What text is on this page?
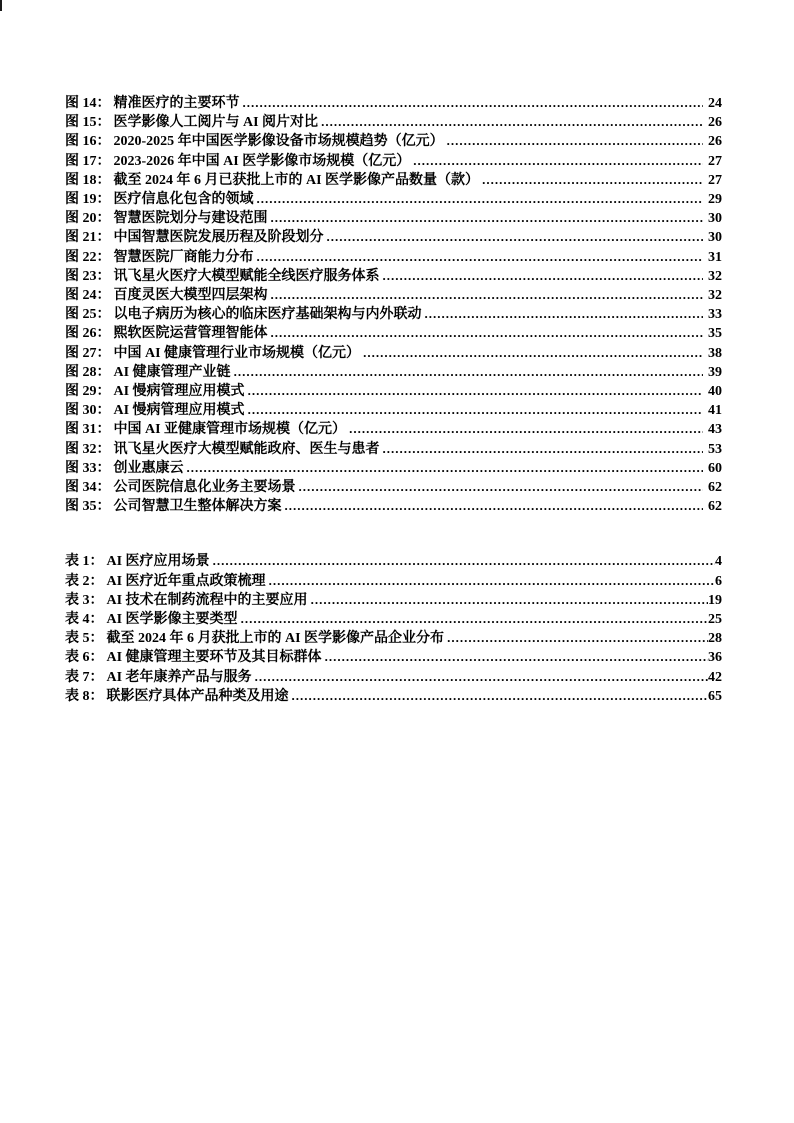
图 14： 精准医疗的主要环节 .....	24
图 15： 医学影像人工阅片与 AI 阅片对比 .....	26
图 16： 2020-2025 年中国医学影像设备市场规模趋势（亿元） .....	26
图 17： 2023-2026 年中国 AI 医学影像市场规模（亿元） .....	27
图 18： 截至 2024 年 6 月已获批上市的 AI 医学影像产品数量（款） .....	27
图 19： 医疗信息化包含的领域 .....	29
图 20： 智慧医院划分与建设范围 .....	30
图 21： 中国智慧医院发展历程及阶段划分 .....	30
图 22： 智慧医院厂商能力分布 .....	31
图 23： 讯飞星火医疗大模型赋能全线医疗服务体系 .....	32
图 24： 百度灵医大模型四层架构 .....	32
图 25： 以电子病历为核心的临床医疗基础架构与内外联动 .....	33
图 26： 熙软医院运营管理智能体 .....	35
图 27： 中国 AI 健康管理行业市场规模（亿元） .....	38
图 28： AI 健康管理产业链 .....	39
图 29： AI 慢病管理应用模式 .....	40
图 30： AI 慢病管理应用模式 .....	41
图 31： 中国 AI 亚健康管理市场规模（亿元） .....	43
图 32： 讯飞星火医疗大模型赋能政府、医生与患者 .....	53
图 33： 创业惠康云 .....	60
图 34： 公司医院信息化业务主要场景 .....	62
图 35： 公司智慧卫生整体解决方案 .....	62
表 1： AI 医疗应用场景 .....	4
表 2： AI 医疗近年重点政策梳理 .....	6
表 3： AI 技术在制药流程中的主要应用 .....	19
表 4： AI 医学影像主要类型 .....	25
表 5： 截至 2024 年 6 月获批上市的 AI 医学影像产品企业分布 .....	28
表 6： AI 健康管理主要环节及其目标群体 .....	36
表 7： AI 老年康养产品与服务 .....	42
表 8： 联影医疗具体产品种类及用途 .....	65
